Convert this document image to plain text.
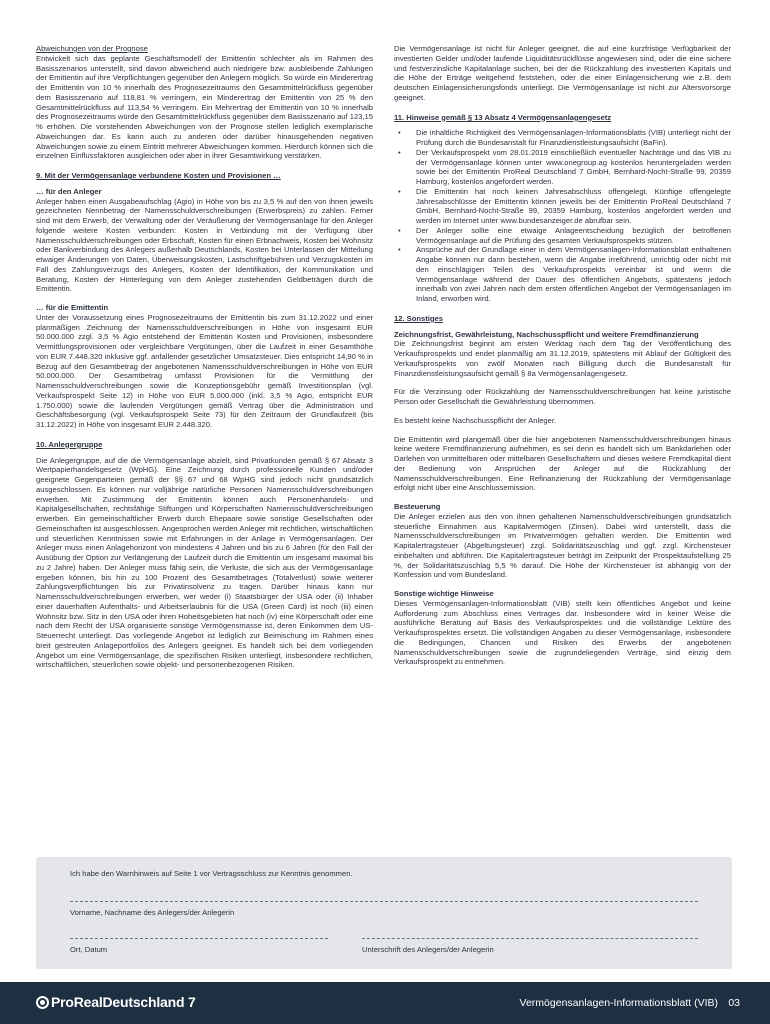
Abweichungen von der Prognose

Entwickelt sich das geplante Geschäftsmodell der Emittentin schlechter als im Rahmen des Basisszenarios unterstellt, sind davon abweichend auch niedrigere bzw. ausbleibende Zahlungen der Emittentin auf ihre Verpflichtungen gegenüber den Anlegern möglich. So würde ein Minderertrag der Emittentin von 10 % innerhalb des Prognosezeitraums den Gesamtmittelrückfluss gegenüber dem Basisszenario auf 118,81 % verringern, ein Minderertrag der Emittentin von 25 % den Gesamtmittelrückfluss auf 113,54 % verringern. Ein Mehrertrag der Emittentin von 10 % innerhalb des Prognosezeitraums würde den Gesamtmittelrückfluss gegenüber dem Basisszenario auf 123,15 % erhöhen. Die vorstehenden Abweichungen von der Prognose stellen lediglich exemplarische Abweichungen dar. Es kann auch zu anderen oder darüber hinausgehenden negativen Abweichungen sowie zu einem Eintritt mehrerer Abweichungen kommen. Hierdurch können sich die einzelnen Einflussfaktoren ausgleichen oder aber in ihrer Gesamtwirkung verstärken.

9. Mit der Vermögensanlage verbundene Kosten und Provisionen …
… für den Anleger

Anleger haben einen Ausgabeaufschlag (Agio) in Höhe von bis zu 3,5 % auf den von ihnen jeweils gezeichneten Nennbetrag der Namensschuldverschreibungen (Erwerbspreis) zu zahlen. Ferner sind mit dem Erwerb, der Verwaltung oder der Veräußerung der Vermögensanlage für den Anleger folgende weitere Kosten verbunden: Kosten in Verbindung mit der Verfügung über Namensschuldverschreibungen oder Erbschaft, Kosten für einen Erbnachweis, Kosten bei Wohnsitz oder Bankverbindung des Anlegers außerhalb Deutschlands, Kosten bei Unterlassen der Mitteilung etwaiger Änderungen von Daten, Überweisungskosten, Lastschriftgebühren und Verzugskosten im Fall des Zahlungsverzugs des Anlegers, Kosten der Identifikation, der Kommunikation und Beratung, Kosten der Hinterlegung von dem Anleger zustehenden Geldbeträgen durch die Emittentin.

… für die Emittentin

Unter der Voraussetzung eines Prognosezeitraums der Emittentin bis zum 31.12.2022 und einer planmäßigen Zeichnung der Namensschuldverschreibungen in Höhe von insgesamt EUR 50.000.000 zzgl. 3,5 % Agio entstehend der Emittentin Kosten und Provisionen, insbesondere Vermittlungsprovisionen oder vergleichbare Vergütungen, über die Laufzeit in einer Gesamthöhe von EUR 7.448.320 inklusive ggf. anfallender gesetzlicher Umsatzsteuer. Dies entspricht 14,90 % in Bezug auf den Gesamtbetrag der angebotenen Namensschuldverschreibungen in Höhe von EUR 50.000.000. Der Gesamtbetrag umfasst Provisionen für die Vermittlung der Namensschuldverschreibungen sowie die Konzeptionsgebühr gemäß Investitionsplan (vgl. Verkaufsprospekt Seite 12) in Höhe von EUR 5.000.000 (inkl. 3,5 % Agio, entspricht EUR 1.750.000) sowie die laufenden Vergütungen gemäß Vertrag über die Administration und Geschäftsbesorgung (vgl. Verkaufsprospekt Seite 73) für den Zeitraum der Grundlaufzeit (bis 31.12.2022) in Höhe von insgesamt EUR 2.448.320.

10. Anlegergruppe

Die Anlegergruppe, auf die die Vermögensanlage abzielt, sind Privatkunden gemäß § 67 Absatz 3 Wertpapierhandelsgesetz (WpHG). Eine Zeichnung durch professionelle Kunden und/oder geeignete Gegenparteien gemäß der §§ 67 und 68 WpHG sind jedoch nicht grundsätzlich ausgeschlossen. Es können nur volljährige natürliche Personen Namensschuldverschreibungen erwerben. Mit Zustimmung der Emittentin können auch Personenhandels- und Kapitalgesellschaften, rechtsfähige Stiftungen und Körperschaften Namensschuldverschreibungen erwerben. Ein gemeinschaftlicher Erwerb durch Ehepaare sowie sonstige Gesellschaften oder Gemeinschaften ist ausgeschlossen. Angesprochen werden Anleger mit rechtlichen, wirtschaftlichen und steuerlichen Kenntnissen sowie mit Erfahrungen in der Anlage in Vermögensanlagen. Der Anleger muss einen Anlagehorizont von mindestens 4 Jahren und bis zu 6 Jahren (für den Fall der Ausübung der Option zur Verlängerung der Laufzeit durch die Emittentin um insgesamt maximal bis zu 2 Jahre) haben. Der Anleger muss fähig sein, die Verluste, die sich aus der Vermögensanlage ergeben können, bis hin zu 100 Prozent des Gesamtbetrages (Totalverlust) sowie weiterer Zahlungsverpflichtungen bis zur Privatinsolvenz zu tragen. Darüber hinaus kann nur Namensschuldverschreibungen erwerben, wer weder (i) Staatsbürger der USA oder (ii) Inhaber einer dauerhaften Aufenthalts- und Arbeitserlaubnis für die USA (Green Card) ist noch (iii) einen Wohnsitz bzw. Sitz in den USA oder ihren Hoheitsgebieten hat noch (iv) eine Körperschaft oder eine nach dem Recht der USA organisierte sonstige Vermögensmasse ist, deren Einkommen dem US-Steuerrecht unterliegt. Das vorliegende Angebot ist lediglich zur Beimischung im Rahmen eines breit gestreuten Anlageportfolios des Anlegers geeignet. Es handelt sich bei dem vorliegenden Angebot um eine Vermögensanlage, die spezifischen Risiken unterliegt, insbesondere rechtlichen, wirtschaftlichen, steuerlichen sowie objekt- und personenbezogenen Risiken.

Die Vermögensanlage ist nicht für Anleger geeignet, die auf eine kurzfristige Verfügbarkeit der investierten Gelder und/oder laufende Liquiditätsrückflüsse angewiesen sind, oder die eine sichere und festverzinsliche Kapitalanlage suchen, bei der die Rückzahlung des investierten Kapitals und die Höhe der Erträge weitgehend feststehen, oder die einer Einlagensicherung wie z.B. dem deutschen Einlagensicherungsfonds unterliegt. Die Vermögensanlage ist nicht zur Altersvorsorge geeignet.

11. Hinweise gemäß § 13 Absatz 4 Vermögensanlagengesetz
• Die inhaltliche Richtigkeit des Vermögensanlagen-Informationsblatts (VIB) unterliegt nicht der Prüfung durch die Bundesanstalt für Finanzdienstleistungsaufsicht (BaFin).
• Der Verkaufsprospekt vom 28.01.2019 einschließlich eventueller Nachträge und das VIB zu der Vermögensanlage können unter www.onegroup.ag kostenlos heruntergeladen werden sowie bei der Emittentin ProReal Deutschland 7 GmbH, Bernhard-Nocht-Straße 99, 20359 Hamburg, kostenlos angefordert werden.
• Die Emittentin hat noch keinen Jahresabschluss offengelegt. Künftige offengelegte Jahresabschlüsse der Emittentin können jeweils bei der Emittentin ProReal Deutschland 7 GmbH, Bernhard-Nocht-Straße 99, 20359 Hamburg, kostenlos angefordert werden und werden im Internet unter www.bundesanzeiger.de abrufbar sein.
• Der Anleger sollte eine etwaige Anlageentscheidung bezüglich der betroffenen Vermögensanlage auf die Prüfung des gesamten Verkaufsprospekts stützen.
• Ansprüche auf der Grundlage einer in dem Vermögensanlagen-Informationsblatt enthaltenen Angabe können nur dann bestehen, wenn die Angabe irreführend, unrichtig oder nicht mit den einschlägigen Teilen des Verkaufsprospekts vereinbar ist und wenn die Vermögensanlage während der Dauer des öffentlichen Angebots, spätestens jedoch innerhalb von zwei Jahren nach dem ersten öffentlichen Angebot der Vermögensanlagen im Inland, erworben wird.
12. Sonstiges
Zeichnungsfrist, Gewährleistung, Nachschusspflicht und weitere Fremdfinanzierung

Die Zeichnungsfrist beginnt am ersten Werktag nach dem Tag der Veröffentlichung des Verkaufsprospekts und endet planmäßig am 31.12.2019, spätestens mit Ablauf der Gültigkeit des Verkaufsprospekts von zwölf Monaten nach Billigung durch die Bundesanstalt für Finanzdienstleistungsaufsicht gemäß § 8a Vermögensanlagengesetz.

Für die Verzinsung oder Rückzahlung der Namensschuldverschreibungen hat keine juristische Person oder Gesellschaft die Gewährleistung übernommen.

Es besteht keine Nachschusspflicht der Anleger.

Die Emittentin wird plangemäß über die hier angebotenen Namensschuldverschreibungen hinaus keine weitere Fremdfinanzierung aufnehmen, es sei denn es handelt sich um Bankdarlehen oder Darlehen von unmittelbaren oder mittelbaren Gesellschaftern und dieses weitere Fremdkapital dient der Bedienung von Ansprüchen der Anleger auf die Rückzahlung der Namensschuldverschreibungen. Eine Refinanzierung der Rückzahlung der Vermögensanlage erfolgt nicht über eine Anschlussemission.

Besteuerung

Die Anleger erzielen aus den von ihnen gehaltenen Namenschuldverschreibungen grundsätzlich steuerliche Einnahmen aus Kapitalvermögen (Zinsen). Dabei wird unterstellt, dass die Namensschuldverschreibungen im Privatvermögen gehalten werden. Die Emittentin wird Kapitalertragsteuer (Abgeltungsteuer) zzgl. Solidaritätszuschlag und ggf. zzgl. Kirchensteuer einbehalten und abführen. Die Kapitalertragsteuer beträgt im Zeitpunkt der Prospektaufstellung 25 %, der Solidaritätszuschlag 5,5 % darauf. Die Höhe der Kirchensteuer ist abhängig von der Konfession und vom Bundesland.

Sonstige wichtige Hinweise

Dieses Vermögensanlagen-Informationsblatt (VIB) stellt kein öffentliches Angebot und keine Aufforderung zum Abschluss eines Vertrages dar. Insbesondere wird in keiner Weise die ausführliche Beratung auf Basis des Verkaufsprospektes und die vollständige Lektüre des Verkaufsprospektes ersetzt. Die vollständigen Angaben zu dieser Vermögensanlage, insbesondere die Bedingungen, Chancen und Risiken des Erwerbs der angebotenen Namensschuldverschreibungen sowie die zugrundeliegenden Verträge, sind einzig dem Verkaufsprospekt zu entnehmen.

Ich habe den Warnhinweis auf Seite 1 vor Vertragsschluss zur Kenntnis genommen.
Vorname, Nachname des Anlegers/der Anlegerin
Ort, Datum	Unterschrift des Anlegers/der Anlegerin
ProRealDeutschland 7	Vermögensanlagen-Informationsblatt (VIB) 03
